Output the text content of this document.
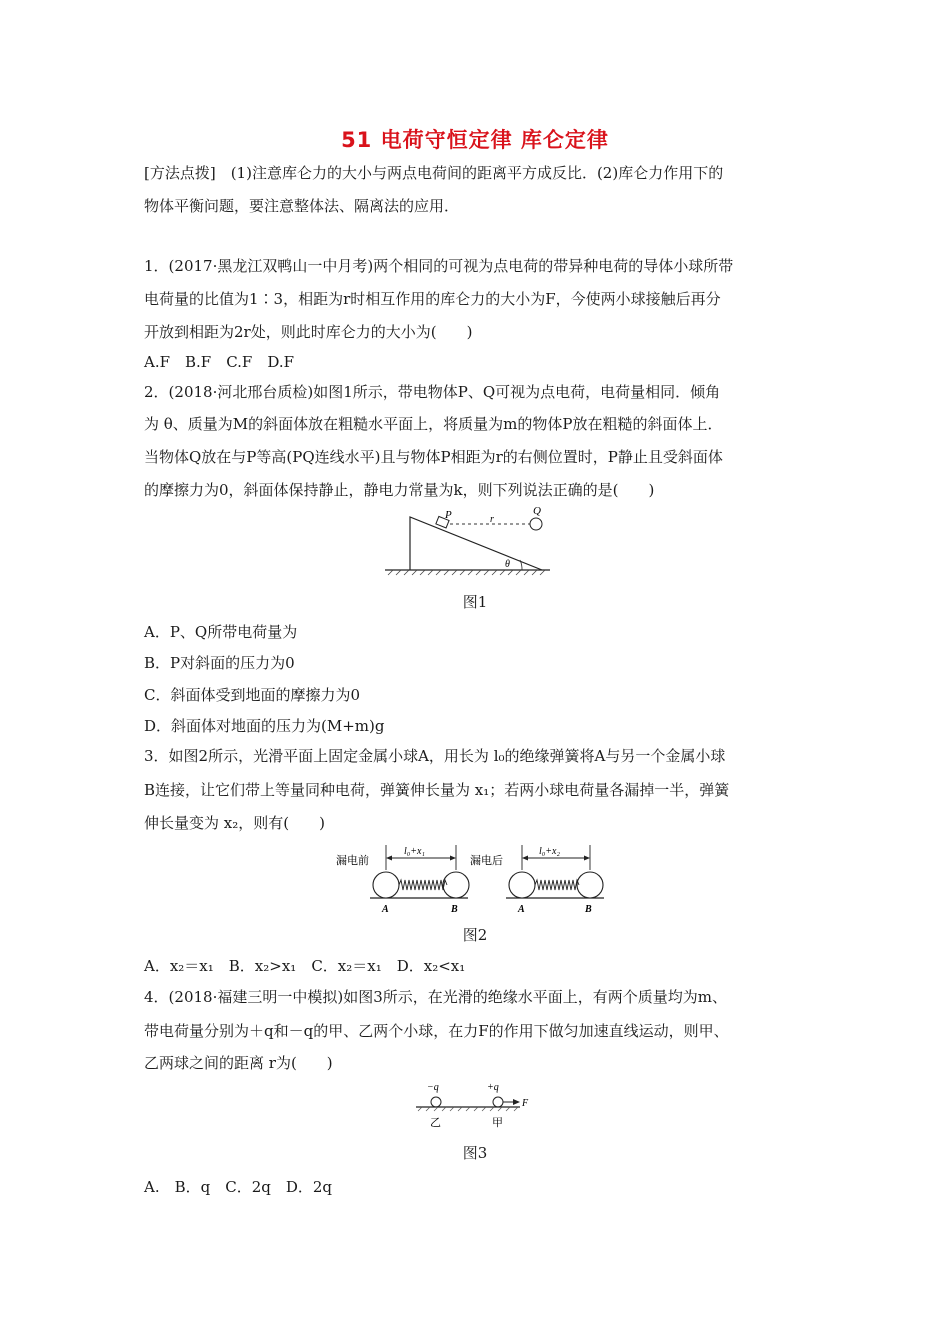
51 电荷守恒定律 库仑定律
[方法点拨]　(1)注意库仑力的大小与两点电荷间的距离平方成反比．(2)库仑力作用下的
物体平衡问题，要注意整体法、隔离法的应用．
1．(2017·黑龙江双鸭山一中月考)两个相同的可视为点电荷的带异种电荷的导体小球所带
电荷量的比值为1∶3，相距为r时相互作用的库仑力的大小为F，今使两小球接触后再分
开放到相距为2r处，则此时库仑力的大小为(　　)
A.F　B.F　C.F　D.F
2．(2018·河北邢台质检)如图1所示，带电物体P、Q可视为点电荷，电荷量相同．倾角
为 θ、质量为M的斜面体放在粗糙水平面上，将质量为m的物体P放在粗糙的斜面体上．
当物体Q放在与P等高(PQ连线水平)且与物体P相距为r的右侧位置时，P静止且受斜面体
的摩擦力为0，斜面体保持静止，静电力常量为k，则下列说法正确的是(　　)
P	r
Q
θ
图1
A．P、Q所带电荷量为
B．P对斜面的压力为0
C．斜面体受到地面的摩擦力为0
D．斜面体对地面的压力为(M+m)g
3．如图2所示，光滑平面上固定金属小球A，用长为 l₀的绝缘弹簧将A与另一个金属小球
B连接，让它们带上等量同种电荷，弹簧伸长量为 x₁；若两小球电荷量各漏掉一半，弹簧
伸长量变为 x₂，则有(　　)
漏电前
l₀+x₁
A	B
漏电后
l₀+x₂
A	B
图2
A．x₂＝x₁　B．x₂>x₁　C．x₂＝x₁　D．x₂<x₁
4．(2018·福建三明一中模拟)如图3所示，在光滑的绝缘水平面上，有两个质量均为m、
带电荷量分别为＋q和－q的甲、乙两个小球，在力F的作用下做匀加速直线运动，则甲、
乙两球之间的距离 r为(　　)
−q	+q
F
乙	甲
图3
A.　B．q　C．2q　D．2q
